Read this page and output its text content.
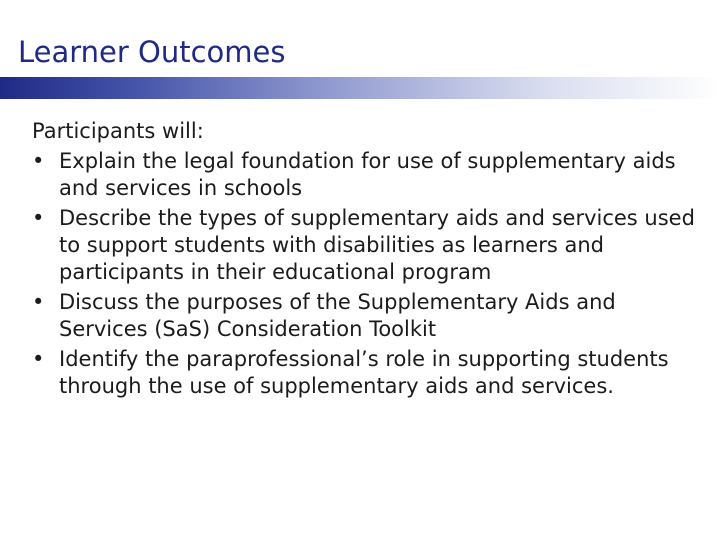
Learner Outcomes
Participants will:
• Explain the legal foundation for use of supplementary aids and services in schools
• Describe the types of supplementary aids and services used to support students with disabilities as learners and participants in their educational program
• Discuss the purposes of the Supplementary Aids and Services (SaS) Consideration Toolkit
• Identify the paraprofessional’s role in supporting students through the use of supplementary aids and services.
